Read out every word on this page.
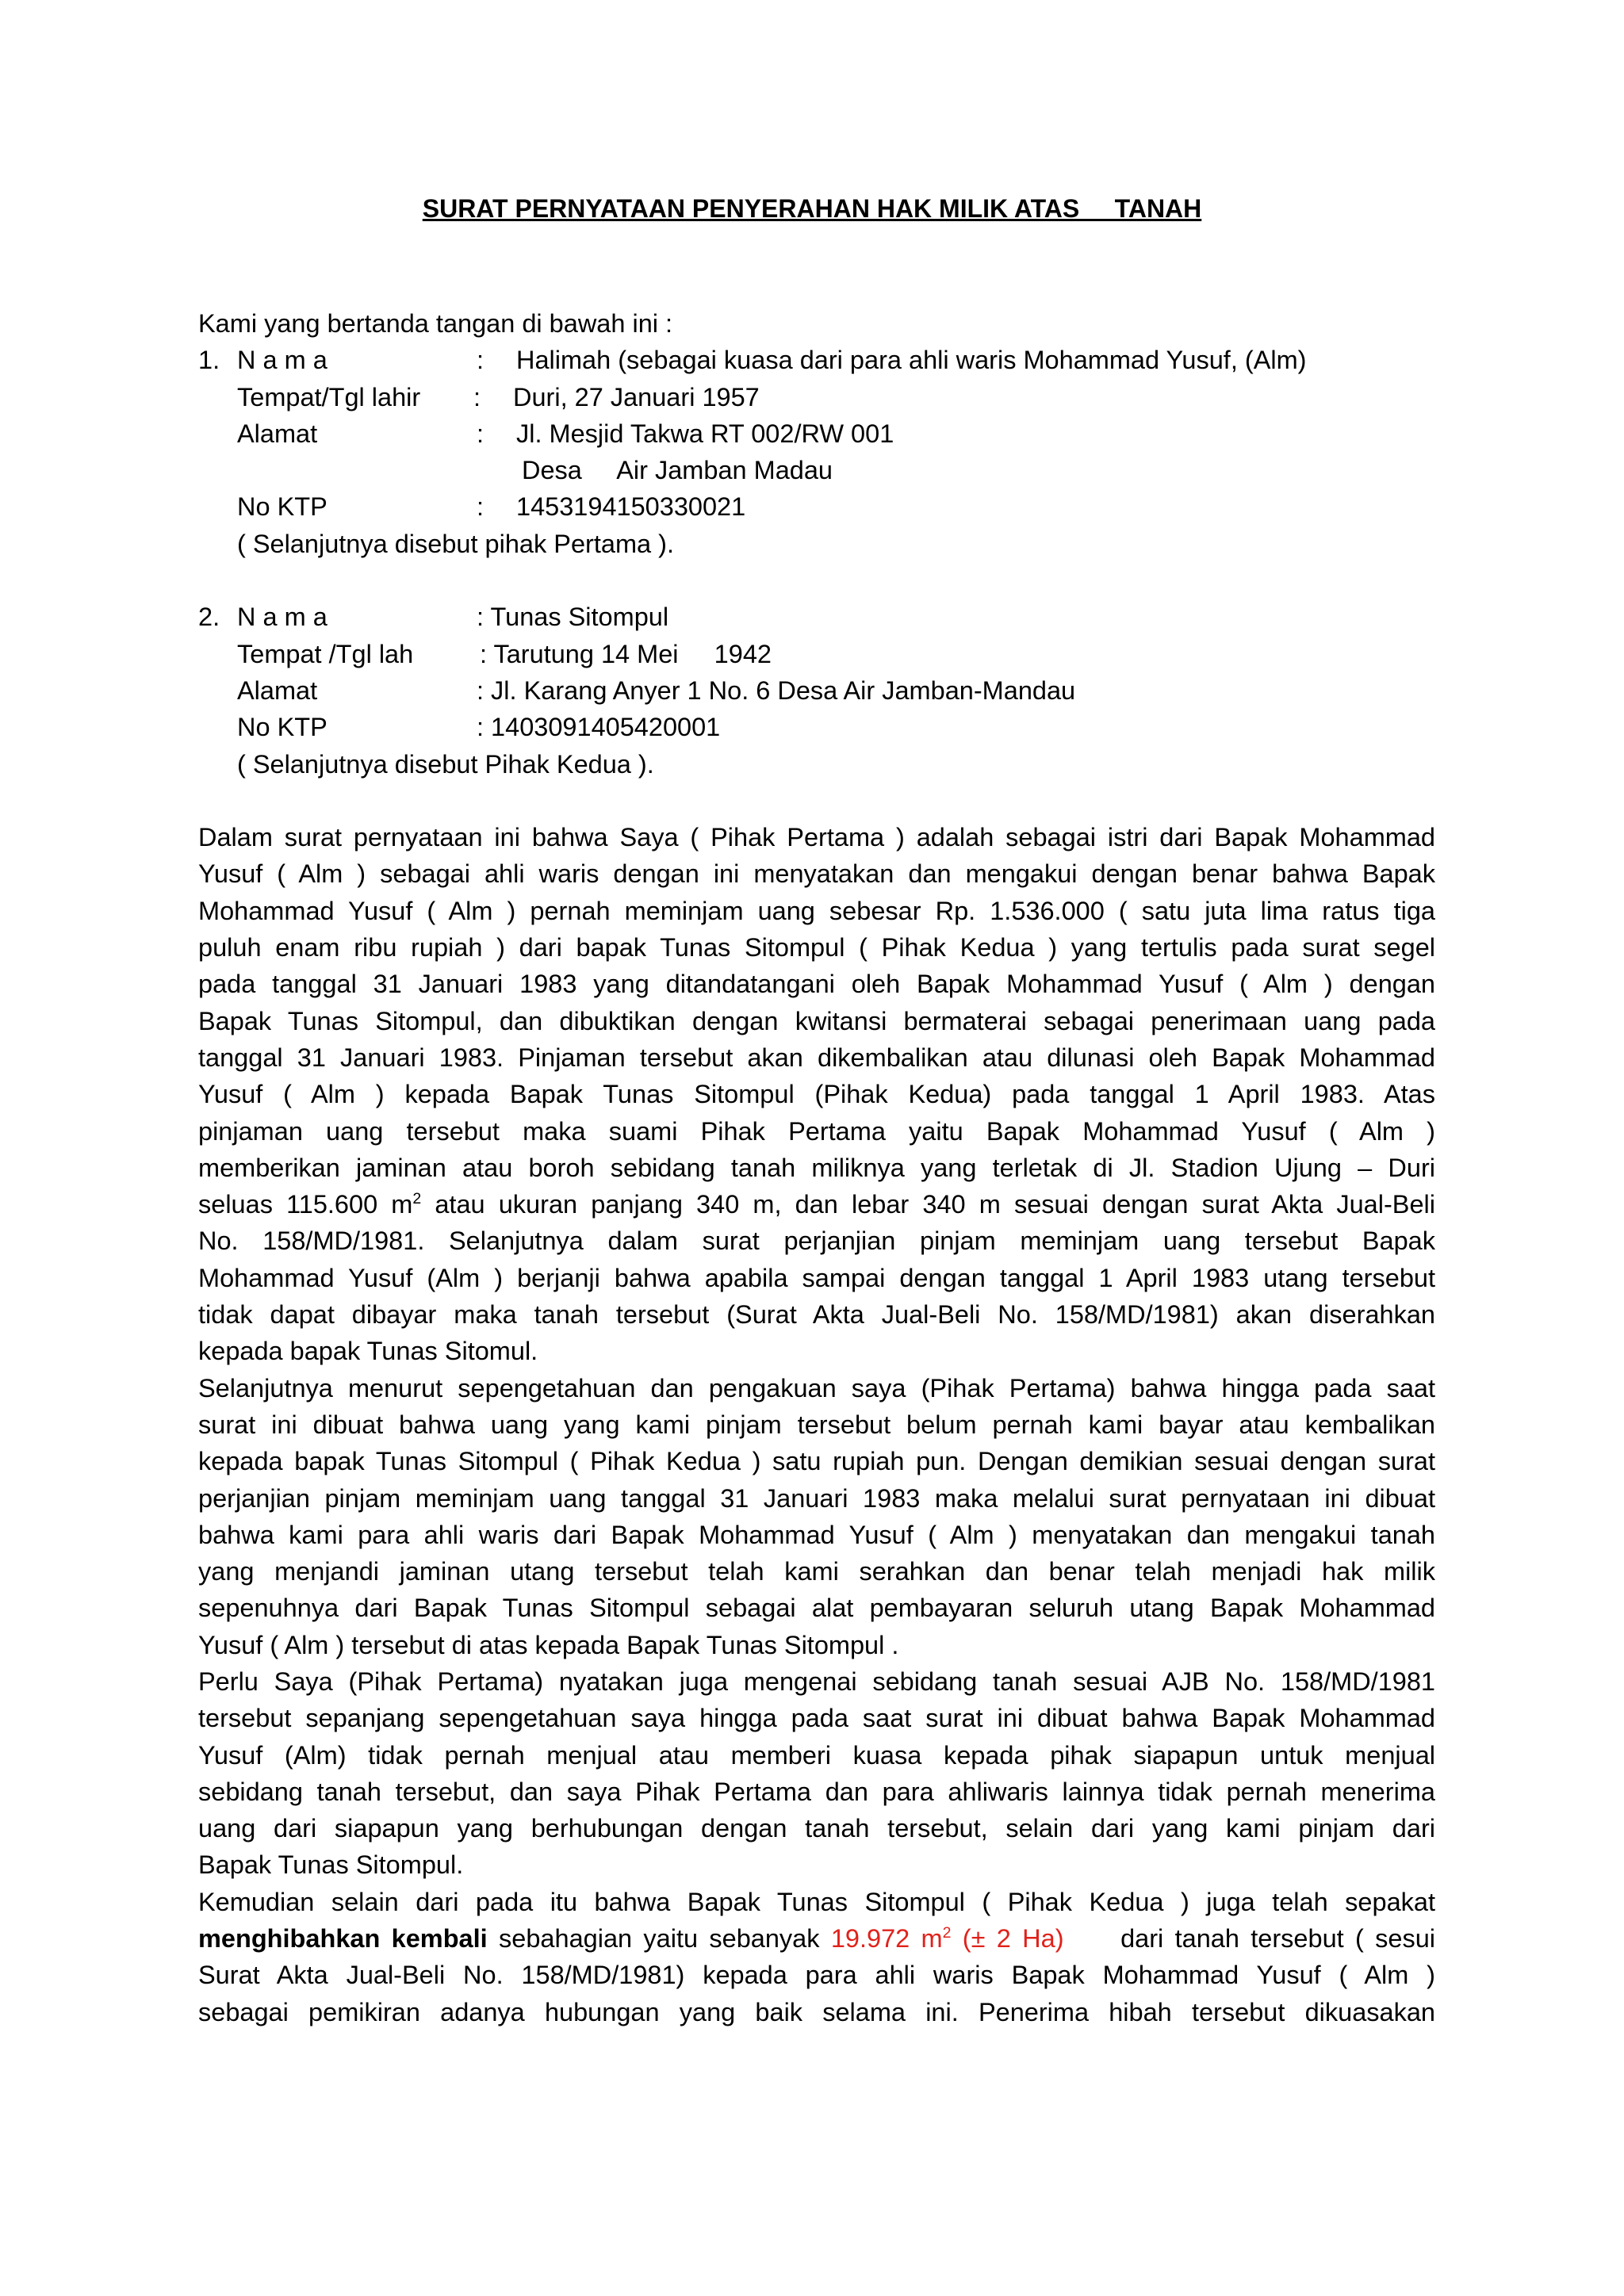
SURAT PERNYATAAN PENYERAHAN HAK MILIK ATAS     TANAH
Kami yang bertanda tangan di bawah ini :
1. N a m a	:	Halimah (sebagai kuasa dari para ahli waris Mohammad Yusuf, (Alm)
Tempat/Tgl lahir	:	Duri, 27 Januari 1957
Alamat	:	Jl. Mesjid Takwa RT 002/RW 001
Desa     Air Jamban Madau
No KTP	:	1453194150330021
( Selanjutnya disebut pihak Pertama ).
2. N a m a	: Tunas Sitompul
Tempat /Tgl lah	: Tarutung 14 Mei     1942
Alamat	: Jl. Karang Anyer 1 No. 6 Desa Air Jamban-Mandau
No KTP	: 1403091405420001
( Selanjutnya disebut Pihak Kedua ).
Dalam surat pernyataan ini bahwa Saya ( Pihak Pertama ) adalah sebagai istri dari Bapak Mohammad
Yusuf ( Alm ) sebagai ahli waris dengan ini menyatakan dan mengakui dengan benar bahwa Bapak
Mohammad Yusuf ( Alm ) pernah meminjam uang sebesar Rp. 1.536.000 ( satu juta lima ratus tiga
puluh enam ribu rupiah ) dari bapak Tunas Sitompul ( Pihak Kedua ) yang tertulis pada surat segel
pada tanggal 31 Januari 1983 yang ditandatangani oleh Bapak Mohammad Yusuf ( Alm ) dengan
Bapak Tunas Sitompul, dan dibuktikan dengan kwitansi bermaterai sebagai penerimaan uang pada
tanggal 31 Januari 1983. Pinjaman tersebut akan dikembalikan atau dilunasi oleh Bapak Mohammad
Yusuf ( Alm ) kepada Bapak Tunas Sitompul (Pihak Kedua) pada tanggal 1 April 1983. Atas
pinjaman uang tersebut maka suami Pihak Pertama yaitu Bapak Mohammad Yusuf ( Alm )
memberikan jaminan atau boroh sebidang tanah miliknya yang terletak di Jl. Stadion Ujung – Duri
seluas 115.600 $m^2$ atau ukuran panjang 340 m, dan lebar 340 m sesuai dengan surat Akta Jual-Beli
No. 158/MD/1981. Selanjutnya dalam surat perjanjian pinjam meminjam uang tersebut Bapak
Mohammad Yusuf (Alm ) berjanji bahwa apabila sampai dengan tanggal 1 April 1983 utang tersebut
tidak dapat dibayar maka tanah tersebut (Surat Akta Jual-Beli No. 158/MD/1981) akan diserahkan
kepada bapak Tunas Sitomul.
Selanjutnya menurut sepengetahuan dan pengakuan saya (Pihak Pertama) bahwa hingga pada saat
surat ini dibuat bahwa uang yang kami pinjam tersebut belum pernah kami bayar atau kembalikan
kepada bapak Tunas Sitompul ( Pihak Kedua ) satu rupiah pun. Dengan demikian sesuai dengan surat
perjanjian pinjam meminjam uang tanggal 31 Januari 1983 maka melalui surat pernyataan ini dibuat
bahwa kami para ahli waris dari Bapak Mohammad Yusuf ( Alm ) menyatakan dan mengakui tanah
yang menjandi jaminan utang tersebut telah kami serahkan dan benar telah menjadi hak milik
sepenuhnya dari Bapak Tunas Sitompul sebagai alat pembayaran seluruh utang Bapak Mohammad
Yusuf ( Alm ) tersebut di atas kepada Bapak Tunas Sitompul .
Perlu Saya (Pihak Pertama) nyatakan juga mengenai sebidang tanah sesuai AJB No. 158/MD/1981
tersebut sepanjang sepengetahuan saya hingga pada saat surat ini dibuat bahwa Bapak Mohammad
Yusuf (Alm) tidak pernah menjual atau memberi kuasa kepada pihak siapapun untuk menjual
sebidang tanah tersebut, dan saya Pihak Pertama dan para ahliwaris lainnya tidak pernah menerima
uang dari siapapun yang berhubungan dengan tanah tersebut, selain dari yang kami pinjam dari
Bapak Tunas Sitompul.
Kemudian selain dari pada itu bahwa Bapak Tunas Sitompul ( Pihak Kedua ) juga telah sepakat
menghibahkan kembali sebahagian yaitu sebanyak 19.972 $m^2$ (± 2 Ha)     dari tanah tersebut ( sesui
Surat Akta Jual-Beli No. 158/MD/1981) kepada para ahli waris Bapak Mohammad Yusuf ( Alm )
sebagai pemikiran adanya hubungan yang baik selama ini. Penerima hibah tersebut dikuasakan
